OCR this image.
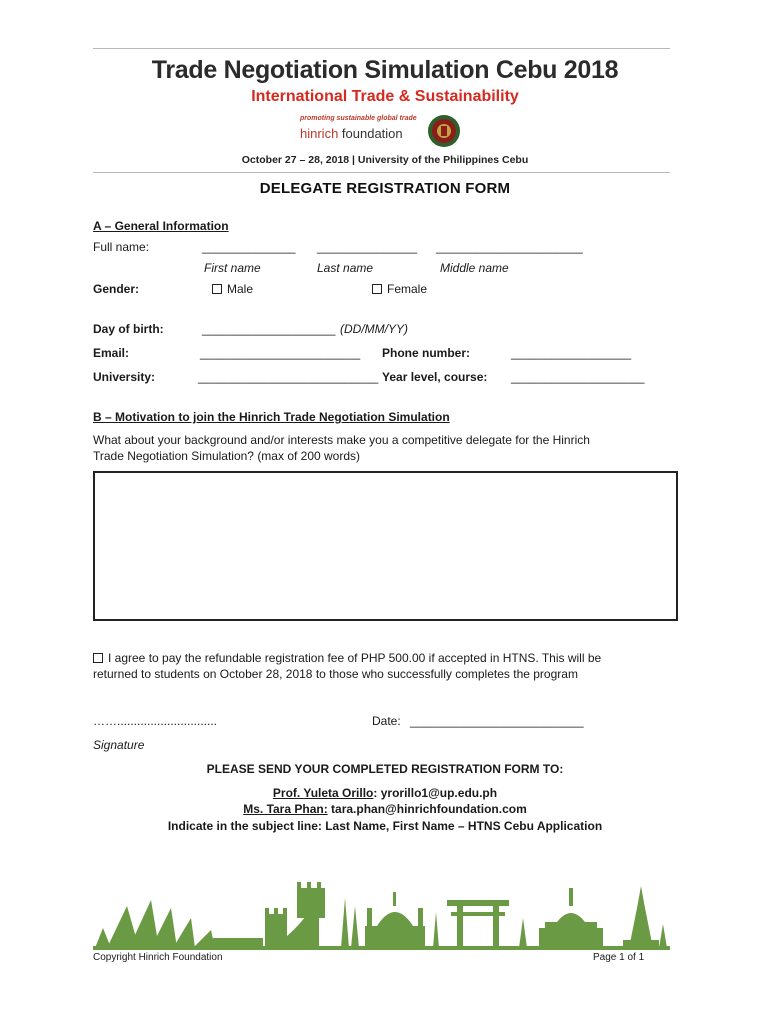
Trade Negotiation Simulation Cebu 2018
International Trade & Sustainability
promoting sustainable global trade
hinrich foundation
October 27 – 28, 2018 | University of the Philippines Cebu
DELEGATE REGISTRATION FORM
A – General Information
Full name:	______________ _______________ ______________________
First name	Last name	Middle name
Gender:	Male	Female
Day of birth:	____________________ (DD/MM/YY)
Email:	________________________ Phone number:	__________________
University:	___________________________ Year level, course: ____________________
B – Motivation to join the Hinrich Trade Negotiation Simulation
What about your background and/or interests make you a competitive delegate for the Hinrich
Trade Negotiation Simulation? (max of 200 words)
I agree to pay the refundable registration fee of PHP 500.00 if accepted in HTNS. This will be
returned to students on October 28, 2018 to those who successfully completes the program
……..............................	Date: __________________________
Signature
PLEASE SEND YOUR COMPLETED REGISTRATION FORM TO:
Prof. Yuleta Orillo: yrorillo1@up.edu.ph
Ms. Tara Phan: tara.phan@hinrichfoundation.com
Indicate in the subject line: Last Name, First Name – HTNS Cebu Application
Copyright Hinrich Foundation	Page 1 of 1
